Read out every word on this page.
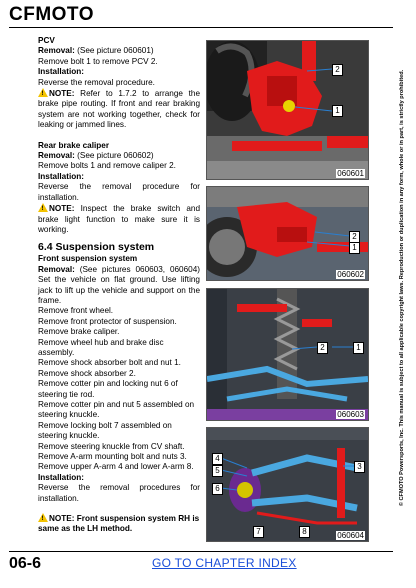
CFMOTO
© CFMOTO Powersports, Inc. This manual is subject to all applicable copyright laws. Reproduction or duplication in any form, whole or in part, is strictly prohibited.

PCV

Removal: (See picture 060601)

Remove bolt 1 to remove PCV 2.

Installation:

Reverse the removal procedure.

!NOTE: Refer to 1.7.2 to arrange the brake pipe routing. If front and rear braking system are not working together, check for leaking or jammed lines.

Rear brake caliper

Removal: (See picture 060602)

Remove bolts 1 and remove caliper 2.

Installation:

Reverse the removal procedure for installation.

!NOTE: Inspect the brake switch and brake light function to make sure it is working.

6.4 Suspension system

Front suspension system

Removal: (See pictures 060603, 060604) Set the vehicle on flat ground. Use lifting jack to lift up the vehicle and support on the frame.

Remove front wheel.

Remove front protector of suspension.

Remove brake caliper.

Remove wheel hub and brake disc assembly.

Remove shock absorber bolt and nut 1.

Remove shock absorber 2.

Remove cotter pin and locking nut 6 of steering tie rod.

Remove cotter pin and nut 5 assembled on steering knuckle.

Remove locking bolt 7 assembled on steering knuckle.

Remove steering knuckle from CV shaft.

Remove A-arm mounting bolt and nuts 3.

Remove upper A-arm 4 and lower A-arm 8.

Installation:

Reverse the removal procedures for installation.

!NOTE: Front suspension system RH is same as the LH method.

2
1
060601
2
1
060602
2	1
060603
4
5
6
3
7	8	060604
06-6	GO TO CHAPTER INDEX
